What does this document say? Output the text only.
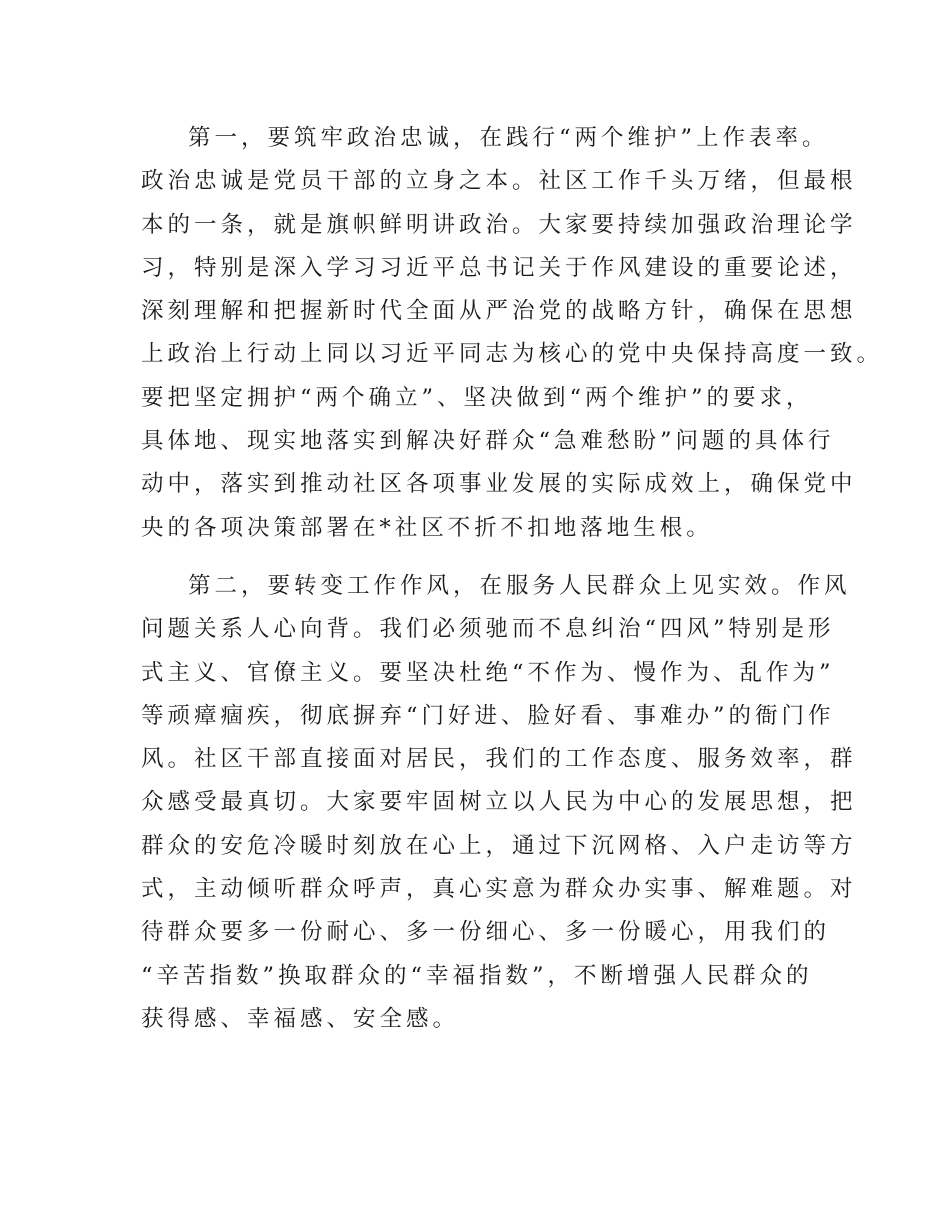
第一，要筑牢政治忠诚，在践行“两个维护”上作表率。
政治忠诚是党员干部的立身之本。社区工作千头万绪，但最根
本的一条，就是旗帜鲜明讲政治。大家要持续加强政治理论学
习，特别是深入学习习近平总书记关于作风建设的重要论述，
深刻理解和把握新时代全面从严治党的战略方针，确保在思想
上政治上行动上同以习近平同志为核心的党中央保持高度一致。
要把坚定拥护“两个确立”、坚决做到“两个维护”的要求，
具体地、现实地落实到解决好群众“急难愁盼”问题的具体行
动中，落实到推动社区各项事业发展的实际成效上，确保党中
央的各项决策部署在*社区不折不扣地落地生根。
第二，要转变工作作风，在服务人民群众上见实效。作风
问题关系人心向背。我们必须驰而不息纠治“四风”特别是形
式主义、官僚主义。要坚决杜绝“不作为、慢作为、乱作为”
等顽瘴痼疾，彻底摒弃“门好进、脸好看、事难办”的衙门作
风。社区干部直接面对居民，我们的工作态度、服务效率，群
众感受最真切。大家要牢固树立以人民为中心的发展思想，把
群众的安危冷暖时刻放在心上，通过下沉网格、入户走访等方
式，主动倾听群众呼声，真心实意为群众办实事、解难题。对
待群众要多一份耐心、多一份细心、多一份暖心，用我们的
“辛苦指数”换取群众的“幸福指数”，不断增强人民群众的
获得感、幸福感、安全感。
